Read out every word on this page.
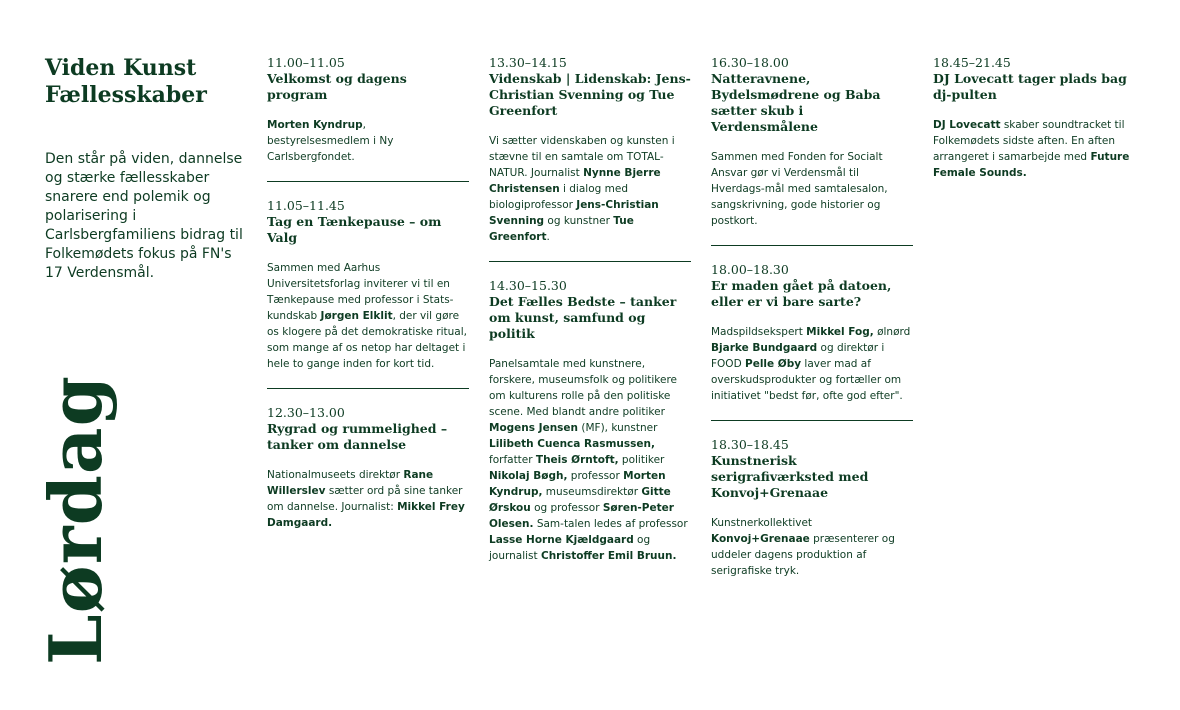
Viden Kunst
Fællesskaber

Den står på viden, dannelse og stærke fællesskaber snarere end polemik og polarisering i Carlsbergfamiliens bidrag til Folkemødets fokus på FN's 17 Verdensmål.

Lørdag
11.00–11.05
Velkomst og dagens program

Morten Kyndrup, bestyrelsesmedlem i Ny Carlsbergfondet.

11.05–11.45
Tag en Tænkepause – om Valg

Sammen med Aarhus Universitetsforlag inviterer vi til en Tænkepause med professor i Stats-kundskab Jørgen Elklit, der vil gøre os klogere på det demokratiske ritual, som mange af os netop har deltaget i hele to gange inden for kort tid.

12.30–13.00
Rygrad og rummelighed – tanker om dannelse

Nationalmuseets direktør Rane Willerslev sætter ord på sine tanker om dannelse. Journalist: Mikkel Frey Damgaard.

13.30–14.15
Videnskab | Lidenskab: Jens-Christian Svenning og Tue Greenfort

Vi sætter videnskaben og kunsten i stævne til en samtale om TOTAL-NATUR. Journalist Nynne Bjerre Christensen i dialog med biologiprofessor Jens-Christian Svenning og kunstner Tue Greenfort.

14.30–15.30
Det Fælles Bedste – tanker om kunst, samfund og politik

Panelsamtale med kunstnere, forskere, museumsfolk og politikere om kulturens rolle på den politiske scene. Med blandt andre politiker Mogens Jensen (MF), kunstner Lilibeth Cuenca Rasmussen, forfatter Theis Ørntoft, politiker Nikolaj Bøgh, professor Morten Kyndrup, museumsdirektør Gitte Ørskou og professor Søren-Peter Olesen. Sam-talen ledes af professor Lasse Horne Kjældgaard og journalist Christoffer Emil Bruun.

16.30–18.00
Natteravnene, Bydelsmødrene og Baba sætter skub i Verdensmålene

Sammen med Fonden for Socialt Ansvar gør vi Verdensmål til Hverdags-mål med samtalesalon, sangskrivning, gode historier og postkort.

18.00–18.30
Er maden gået på datoen, eller er vi bare sarte?

Madspildsekspert Mikkel Fog, ølnørd Bjarke Bundgaard og direktør i FOOD Pelle Øby laver mad af overskudsprodukter og fortæller om initiativet "bedst før, ofte god efter".

18.30–18.45
Kunstnerisk serigrafiværksted med Konvoj+Grenaae

Kunstnerkollektivet Konvoj+Grenaae præsenterer og uddeler dagens produktion af serigrafiske tryk.

18.45–21.45
DJ Lovecatt tager plads bag dj-pulten

DJ Lovecatt skaber soundtracket til Folkemødets sidste aften. En aften arrangeret i samarbejde med Future Female Sounds.
